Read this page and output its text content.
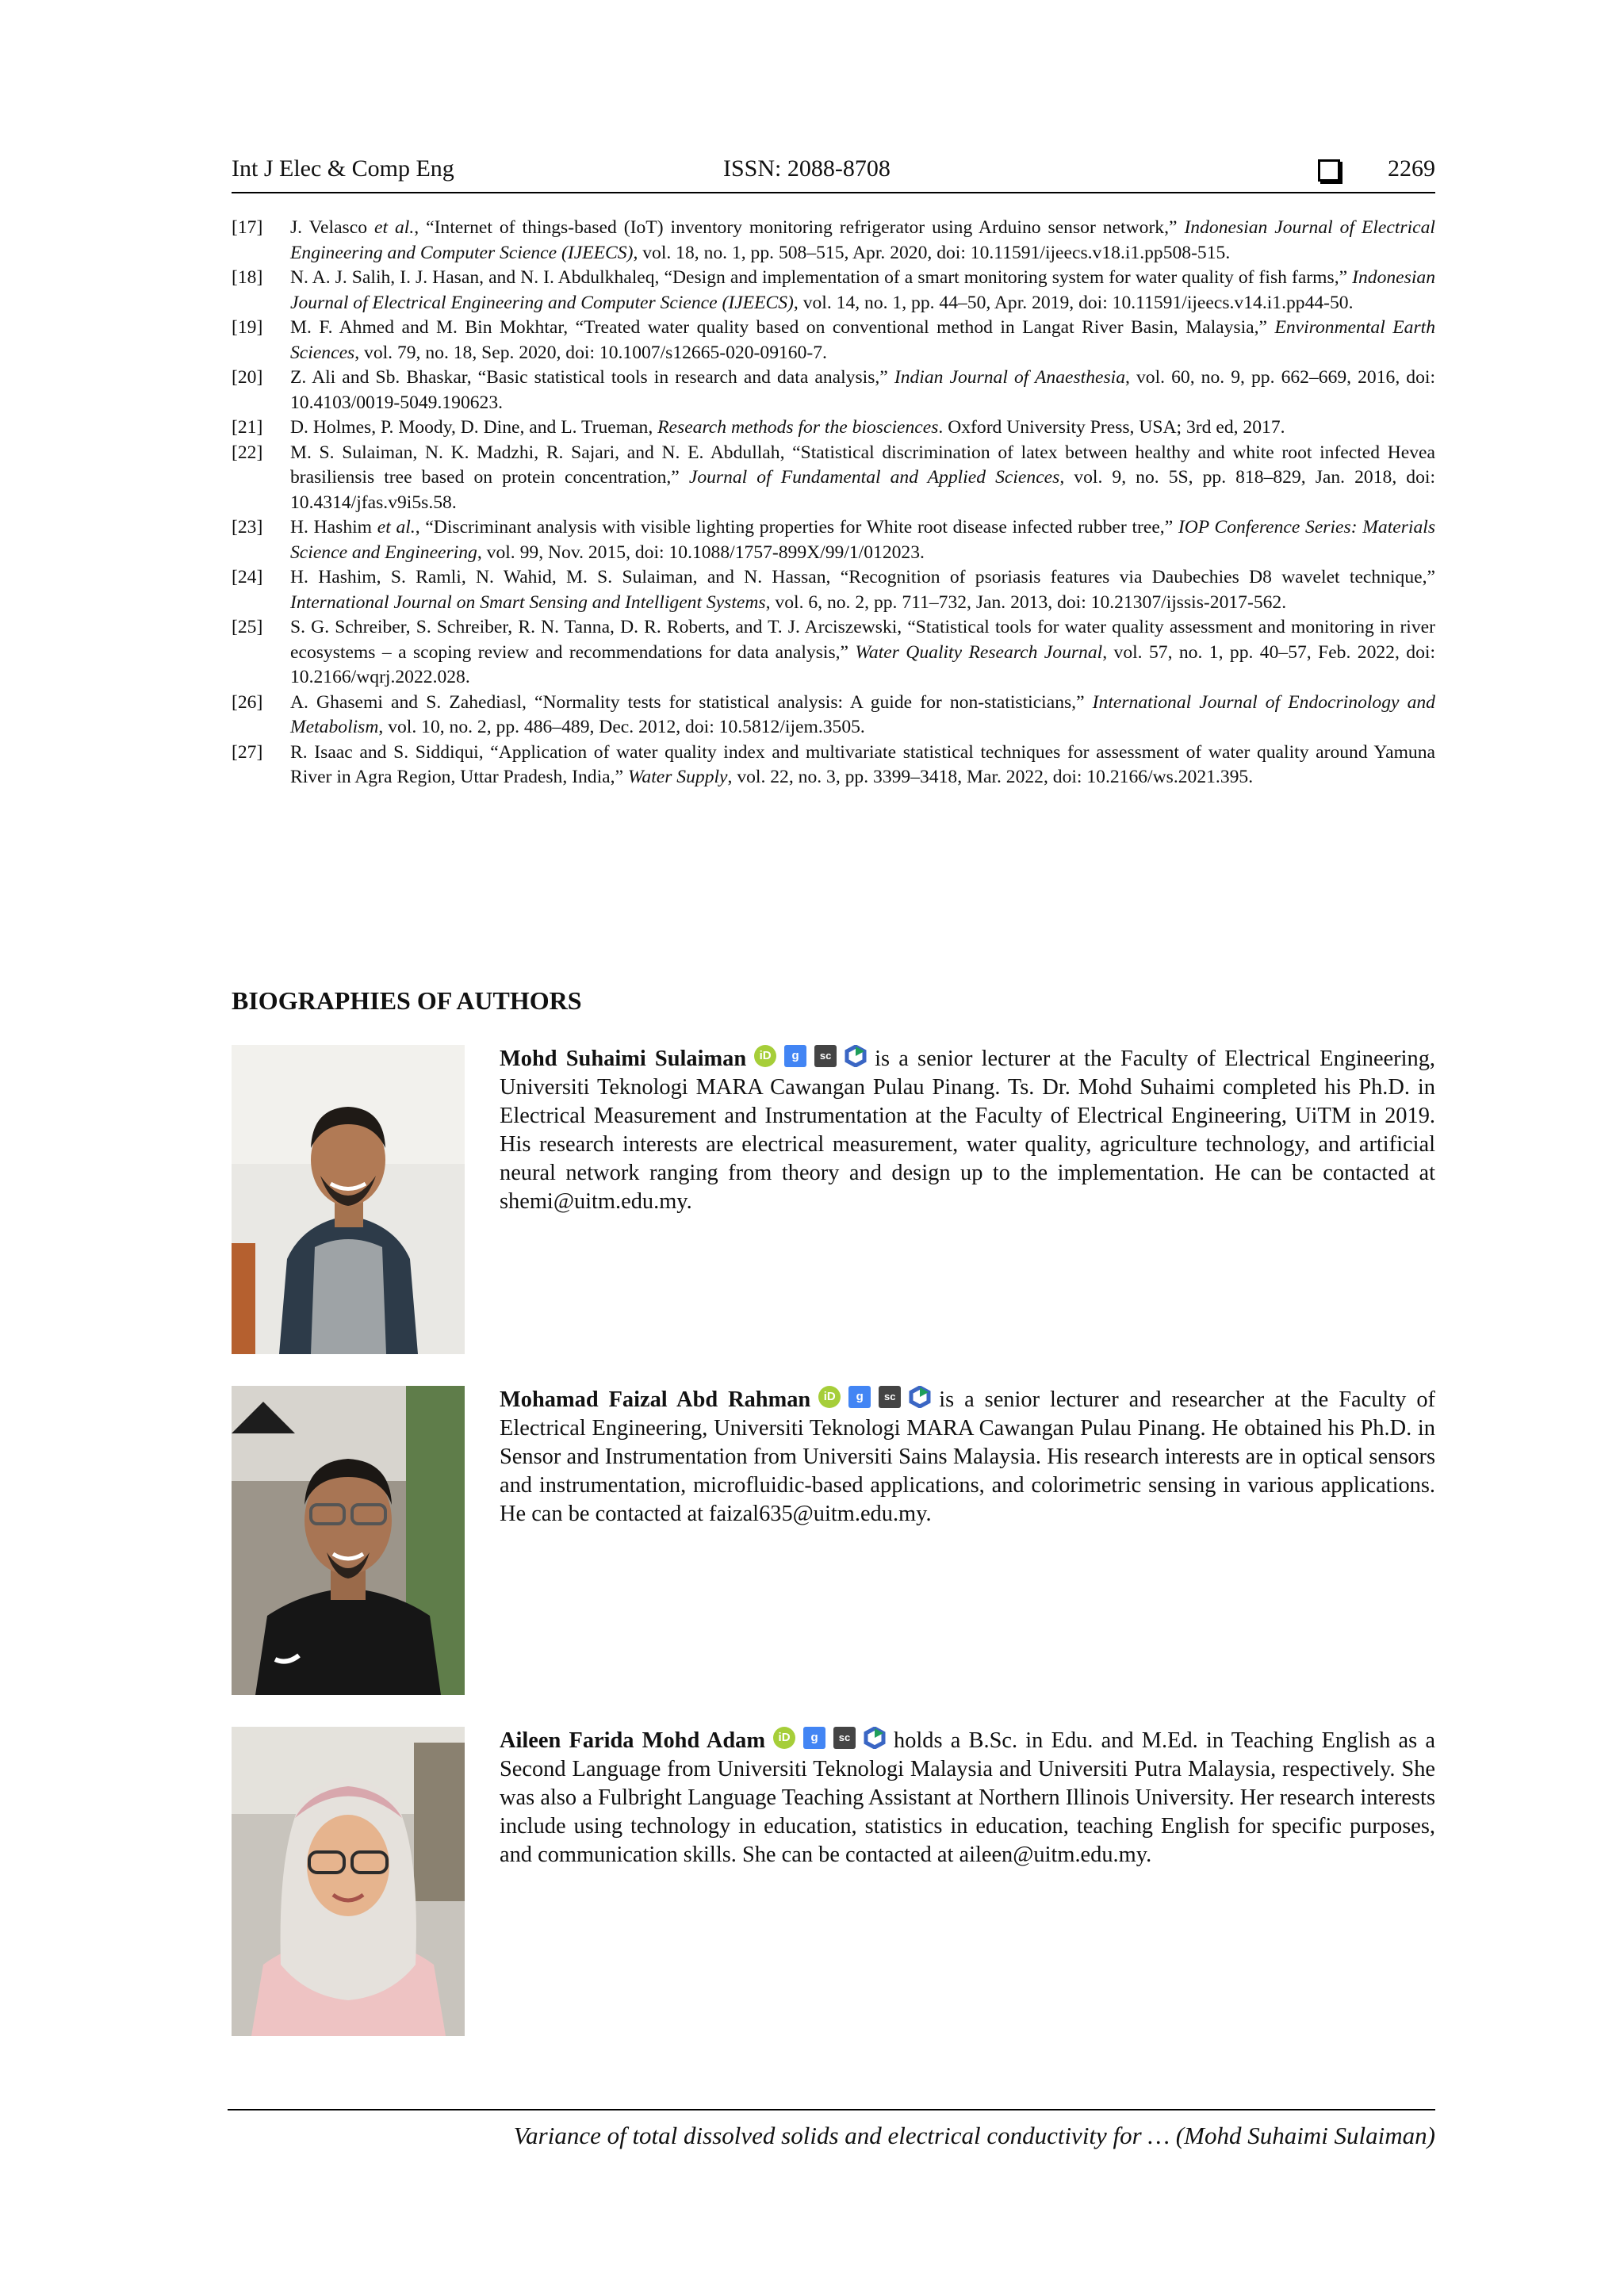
Int J Elec & Comp Eng	ISSN: 2088-8708	2269
[17]	J. Velasco et al., “Internet of things-based (IoT) inventory monitoring refrigerator using Arduino sensor network,” Indonesian Journal of Electrical Engineering and Computer Science (IJEECS), vol. 18, no. 1, pp. 508–515, Apr. 2020, doi: 10.11591/ijeecs.v18.i1.pp508-515.
[18]	N. A. J. Salih, I. J. Hasan, and N. I. Abdulkhaleq, “Design and implementation of a smart monitoring system for water quality of fish farms,” Indonesian Journal of Electrical Engineering and Computer Science (IJEECS), vol. 14, no. 1, pp. 44–50, Apr. 2019, doi: 10.11591/ijeecs.v14.i1.pp44-50.
[19]	M. F. Ahmed and M. Bin Mokhtar, “Treated water quality based on conventional method in Langat River Basin, Malaysia,” Environmental Earth Sciences, vol. 79, no. 18, Sep. 2020, doi: 10.1007/s12665-020-09160-7.
[20]	Z. Ali and Sb. Bhaskar, “Basic statistical tools in research and data analysis,” Indian Journal of Anaesthesia, vol. 60, no. 9, pp. 662–669, 2016, doi: 10.4103/0019-5049.190623.
[21]	D. Holmes, P. Moody, D. Dine, and L. Trueman, Research methods for the biosciences. Oxford University Press, USA; 3rd ed, 2017.
[22]	M. S. Sulaiman, N. K. Madzhi, R. Sajari, and N. E. Abdullah, “Statistical discrimination of latex between healthy and white root infected Hevea brasiliensis tree based on protein concentration,” Journal of Fundamental and Applied Sciences, vol. 9, no. 5S, pp. 818–829, Jan. 2018, doi: 10.4314/jfas.v9i5s.58.
[23]	H. Hashim et al., “Discriminant analysis with visible lighting properties for White root disease infected rubber tree,” IOP Conference Series: Materials Science and Engineering, vol. 99, Nov. 2015, doi: 10.1088/1757-899X/99/1/012023.
[24]	H. Hashim, S. Ramli, N. Wahid, M. S. Sulaiman, and N. Hassan, “Recognition of psoriasis features via Daubechies D8 wavelet technique,” International Journal on Smart Sensing and Intelligent Systems, vol. 6, no. 2, pp. 711–732, Jan. 2013, doi: 10.21307/ijssis-2017-562.
[25]	S. G. Schreiber, S. Schreiber, R. N. Tanna, D. R. Roberts, and T. J. Arciszewski, “Statistical tools for water quality assessment and monitoring in river ecosystems – a scoping review and recommendations for data analysis,” Water Quality Research Journal, vol. 57, no. 1, pp. 40–57, Feb. 2022, doi: 10.2166/wqrj.2022.028.
[26]	A. Ghasemi and S. Zahediasl, “Normality tests for statistical analysis: A guide for non-statisticians,” International Journal of Endocrinology and Metabolism, vol. 10, no. 2, pp. 486–489, Dec. 2012, doi: 10.5812/ijem.3505.
[27]	R. Isaac and S. Siddiqui, “Application of water quality index and multivariate statistical techniques for assessment of water quality around Yamuna River in Agra Region, Uttar Pradesh, India,” Water Supply, vol. 22, no. 3, pp. 3399–3418, Mar. 2022, doi: 10.2166/ws.2021.395.
BIOGRAPHIES OF AUTHORS
Mohd Suhaimi Sulaiman	iD	g	sc is a senior lecturer at the Faculty of Electrical Engineering, Universiti Teknologi MARA Cawangan Pulau Pinang. Ts. Dr. Mohd Suhaimi completed his Ph.D. in Electrical Measurement and Instrumentation at the Faculty of Electrical Engineering, UiTM in 2019. His research interests are electrical measurement, water quality, agriculture technology, and artificial neural network ranging from theory and design up to the implementation. He can be contacted at shemi@uitm.edu.my.
Mohamad Faizal Abd Rahman	iD	g	sc is a senior lecturer and researcher at the Faculty of Electrical Engineering, Universiti Teknologi MARA Cawangan Pulau Pinang. He obtained his Ph.D. in Sensor and Instrumentation from Universiti Sains Malaysia. His research interests are in optical sensors and instrumentation, microfluidic-based applications, and colorimetric sensing in various applications. He can be contacted at faizal635@uitm.edu.my.
Aileen Farida Mohd Adam	iD	g	sc holds a B.Sc. in Edu. and M.Ed. in Teaching English as a Second Language from Universiti Teknologi Malaysia and Universiti Putra Malaysia, respectively. She was also a Fulbright Language Teaching Assistant at Northern Illinois University. Her research interests include using technology in education, statistics in education, teaching English for specific purposes, and communication skills. She can be contacted at aileen@uitm.edu.my.
Variance of total dissolved solids and electrical conductivity for … (Mohd Suhaimi Sulaiman)
